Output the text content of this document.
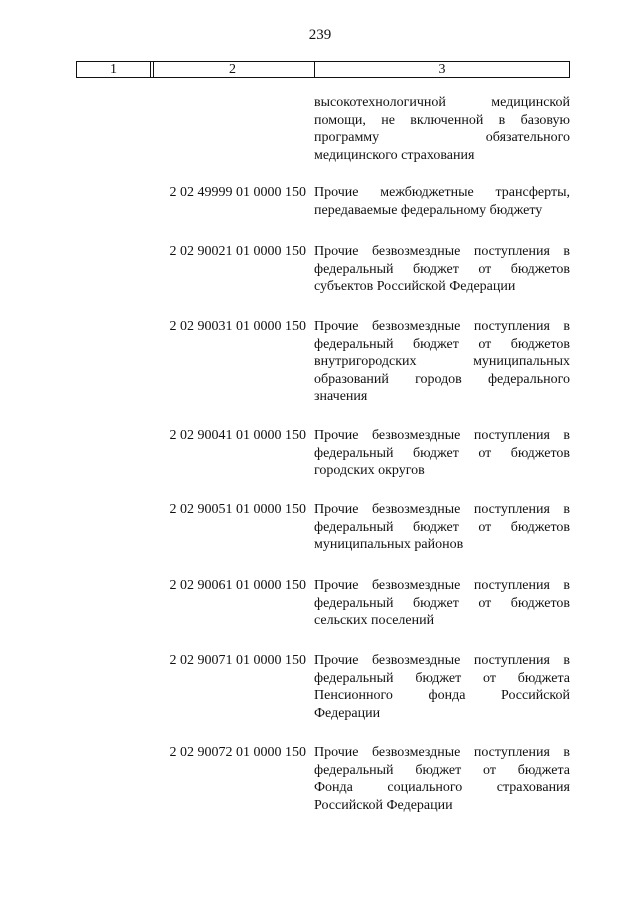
239
1	2	3
высокотехнологичной медицинской
помощи, не включенной в базовую
программу обязательного
медицинского страхования
2 02 49999 01 0000 150 Прочие межбюджетные трансферты,
передаваемые федеральному бюджету
2 02 90021 01 0000 150 Прочие безвозмездные поступления в
федеральный бюджет от бюджетов
субъектов Российской Федерации
2 02 90031 01 0000 150 Прочие безвозмездные поступления в
федеральный бюджет от бюджетов
внутригородских муниципальных
образований городов федерального
значения
2 02 90041 01 0000 150 Прочие безвозмездные поступления в
федеральный бюджет от бюджетов
городских округов
2 02 90051 01 0000 150 Прочие безвозмездные поступления в
федеральный бюджет от бюджетов
муниципальных районов
2 02 90061 01 0000 150 Прочие безвозмездные поступления в
федеральный бюджет от бюджетов
сельских поселений
2 02 90071 01 0000 150 Прочие безвозмездные поступления в
федеральный бюджет от бюджета
Пенсионного фонда Российской
Федерации
2 02 90072 01 0000 150 Прочие безвозмездные поступления в
федеральный бюджет от бюджета
Фонда социального страхования
Российской Федерации
